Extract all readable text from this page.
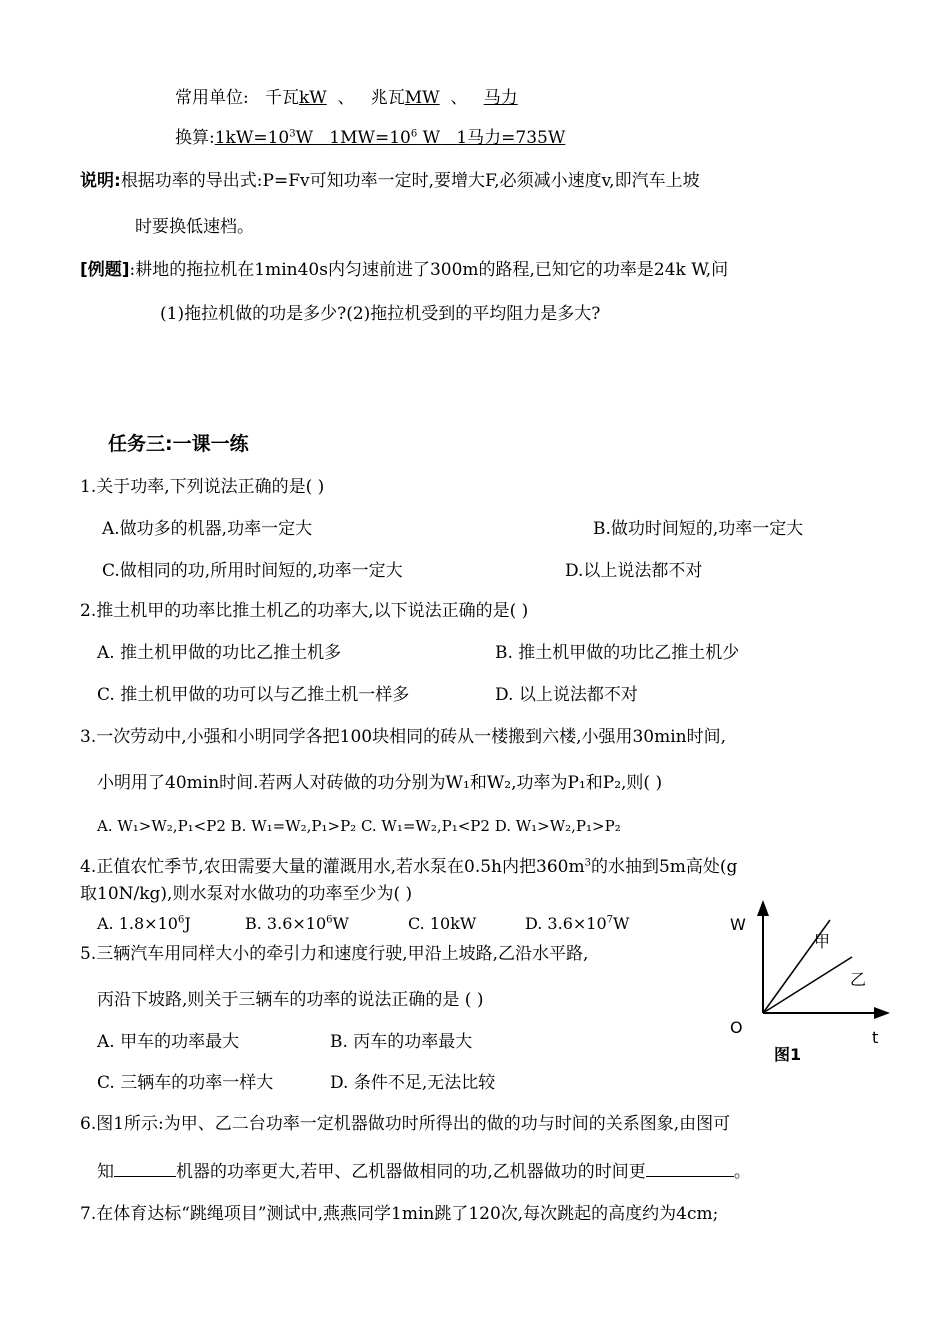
常用单位: 千瓦kW 、 兆瓦MW 、 马力
换算$:1kW=10^3W$ $1MW=10^6$ W 1马力=735W
说明:根据功率的导出式:P=Fv可知功率一定时,要增大F,必须减小速度v,即汽车上坡
时要换低速档。
[例题]:耕地的拖拉机在1min40s内匀速前进了300m的路程,已知它的功率是24k W,问
(1)拖拉机做的功是多少?(2)拖拉机受到的平均阻力是多大?
任务三:一课一练
1.关于功率,下列说法正确的是( )
A.做功多的机器,功率一定大	B.做功时间短的,功率一定大
C.做相同的功,所用时间短的,功率一定大	D.以上说法都不对
2.推土机甲的功率比推土机乙的功率大,以下说法正确的是( )
A. 推土机甲做的功比乙推土机多	B. 推土机甲做的功比乙推土机少
C. 推土机甲做的功可以与乙推土机一样多	D. 以上说法都不对
3.一次劳动中,小强和小明同学各把100块相同的砖从一楼搬到六楼,小强用30min时间,
小明用了40min时间.若两人对砖做的功分别为W₁和W₂,功率为P₁和P₂,则( )
A. W₁>W₂,P₁<P2 B. W₁=W₂,P₁>P₂ C. W₁=W₂,P₁<P2 D. W₁>W₂,P₁>P₂
4.正值农忙季节,农田需要大量的灌溉用水,若水泵在0.5h内把$360m^3$的水抽到5m高处(g
取10N/kg),则水泵对水做功的功率至少为( )
A. $1.8\times 10^6J$	B. $3.6\times 10^6W$	C. 10kW	D. $3.6\times 10^7W$
5.三辆汽车用同样大小的牵引力和速度行驶,甲沿上坡路,乙沿水平路,
丙沿下坡路,则关于三辆车的功率的说法正确的是 ( )
A. 甲车的功率最大	B. 丙车的功率最大
C. 三辆车的功率一样大	D. 条件不足,无法比较
W
甲
乙
O
t
图1
6.图1所示:为甲、乙二台功率一定机器做功时所得出的做的功与时间的关系图象,由图可
知	机器的功率更大,若甲、乙机器做相同的功,乙机器做功的时间更	。
7.在体育达标“跳绳项目”测试中,燕燕同学1min跳了120次,每次跳起的高度约为4cm;
